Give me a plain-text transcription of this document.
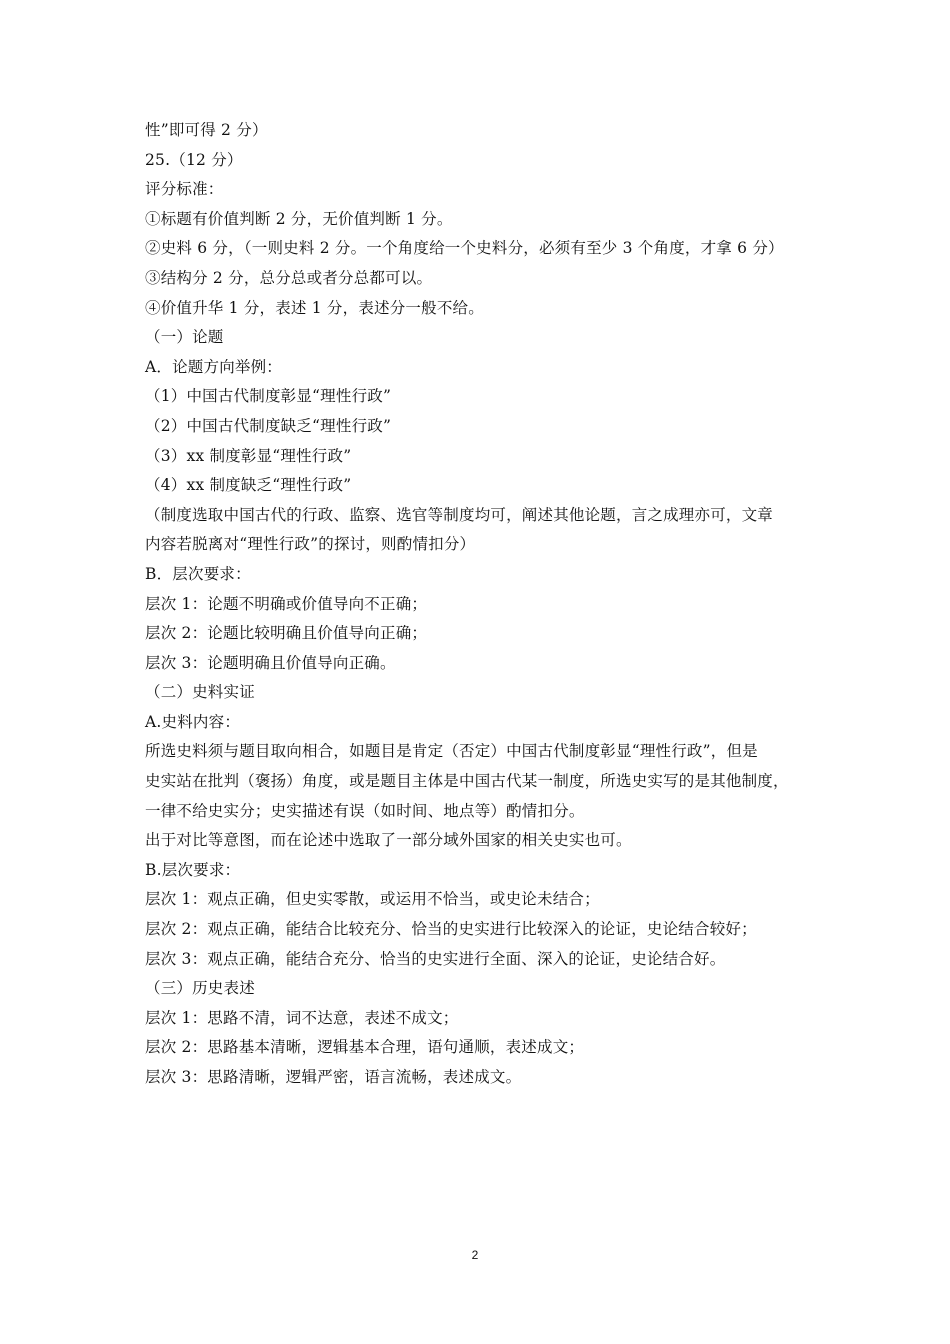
性”即可得 2 分）
25.（12 分）
评分标准：
①标题有价值判断 2 分，无价值判断 1 分。
②史料 6 分，（一则史料 2 分。一个角度给一个史料分，必须有至少 3 个角度，才拿 6 分）
③结构分 2 分，总分总或者分总都可以。
④价值升华 1 分，表述 1 分，表述分一般不给。
（一）论题
A．论题方向举例：
（1）中国古代制度彰显“理性行政”
（2）中国古代制度缺乏“理性行政”
（3）xx 制度彰显“理性行政”
（4）xx 制度缺乏“理性行政”
（制度选取中国古代的行政、监察、选官等制度均可，阐述其他论题，言之成理亦可，文章
内容若脱离对“理性行政”的探讨，则酌情扣分）
B．层次要求：
层次 1：论题不明确或价值导向不正确；
层次 2：论题比较明确且价值导向正确；
层次 3：论题明确且价值导向正确。
（二）史料实证
A.史料内容：
所选史料须与题目取向相合，如题目是肯定（否定）中国古代制度彰显“理性行政”，但是
史实站在批判（褒扬）角度，或是题目主体是中国古代某一制度，所选史实写的是其他制度，
一律不给史实分；史实描述有误（如时间、地点等）酌情扣分。
出于对比等意图，而在论述中选取了一部分域外国家的相关史实也可。
B.层次要求：
层次 1：观点正确，但史实零散，或运用不恰当，或史论未结合；
层次 2：观点正确，能结合比较充分、恰当的史实进行比较深入的论证，史论结合较好；
层次 3：观点正确，能结合充分、恰当的史实进行全面、深入的论证，史论结合好。
（三）历史表述
层次 1：思路不清，词不达意，表述不成文；
层次 2：思路基本清晰，逻辑基本合理，语句通顺，表述成文；
层次 3：思路清晰，逻辑严密，语言流畅，表述成文。
2
